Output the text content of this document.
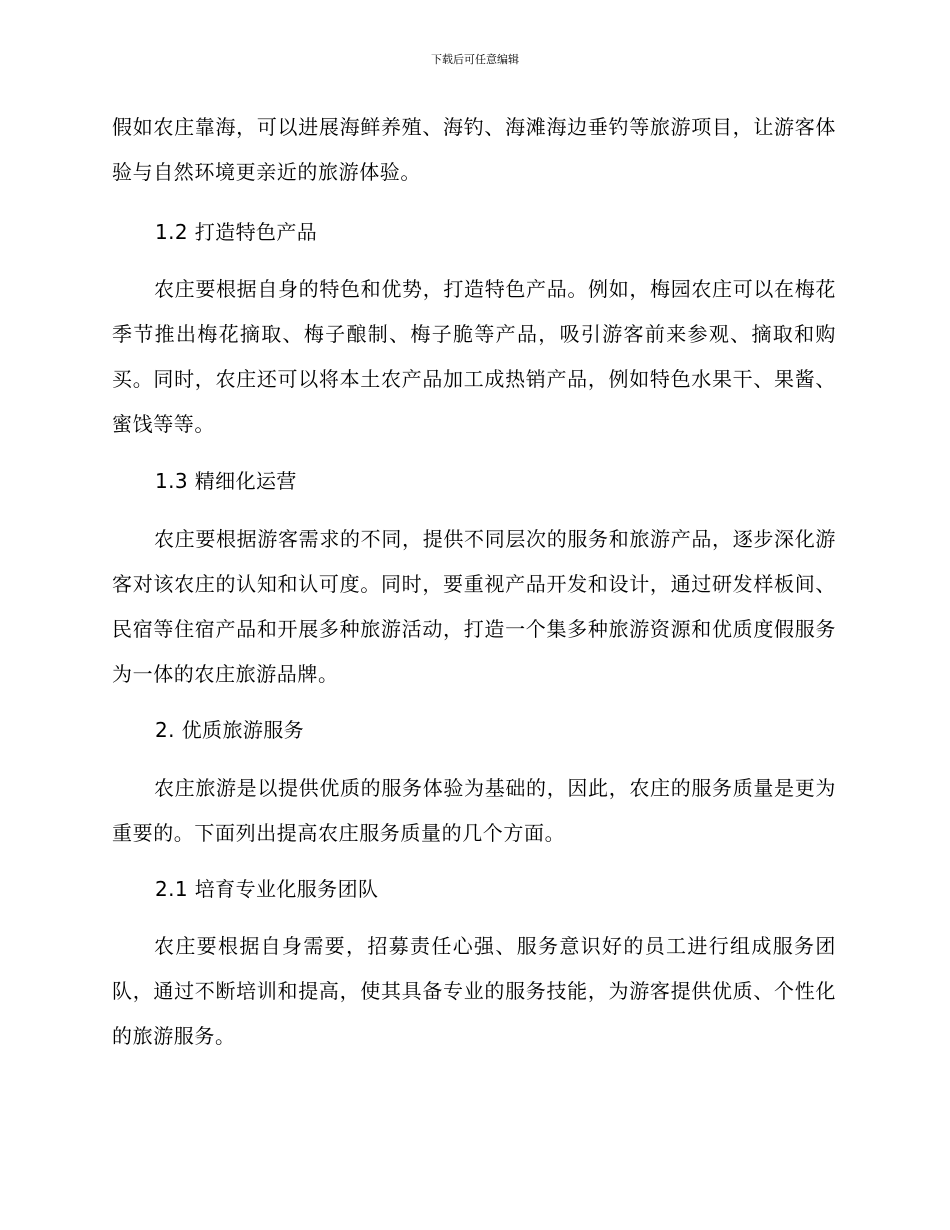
下载后可任意编辑

假如农庄靠海，可以进展海鲜养殖、海钓、海滩海边垂钓等旅游项目，让游客体验与自然环境更亲近的旅游体验。

1.2 打造特色产品

农庄要根据自身的特色和优势，打造特色产品。例如，梅园农庄可以在梅花季节推出梅花摘取、梅子酿制、梅子脆等产品，吸引游客前来参观、摘取和购买。同时，农庄还可以将本土农产品加工成热销产品，例如特色水果干、果酱、蜜饯等等。

1.3 精细化运营

农庄要根据游客需求的不同，提供不同层次的服务和旅游产品，逐步深化游客对该农庄的认知和认可度。同时，要重视产品开发和设计，通过研发样板间、民宿等住宿产品和开展多种旅游活动，打造一个集多种旅游资源和优质度假服务为一体的农庄旅游品牌。

2. 优质旅游服务

农庄旅游是以提供优质的服务体验为基础的，因此，农庄的服务质量是更为重要的。下面列出提高农庄服务质量的几个方面。

2.1 培育专业化服务团队

农庄要根据自身需要，招募责任心强、服务意识好的员工进行组成服务团队，通过不断培训和提高，使其具备专业的服务技能，为游客提供优质、个性化的旅游服务。
